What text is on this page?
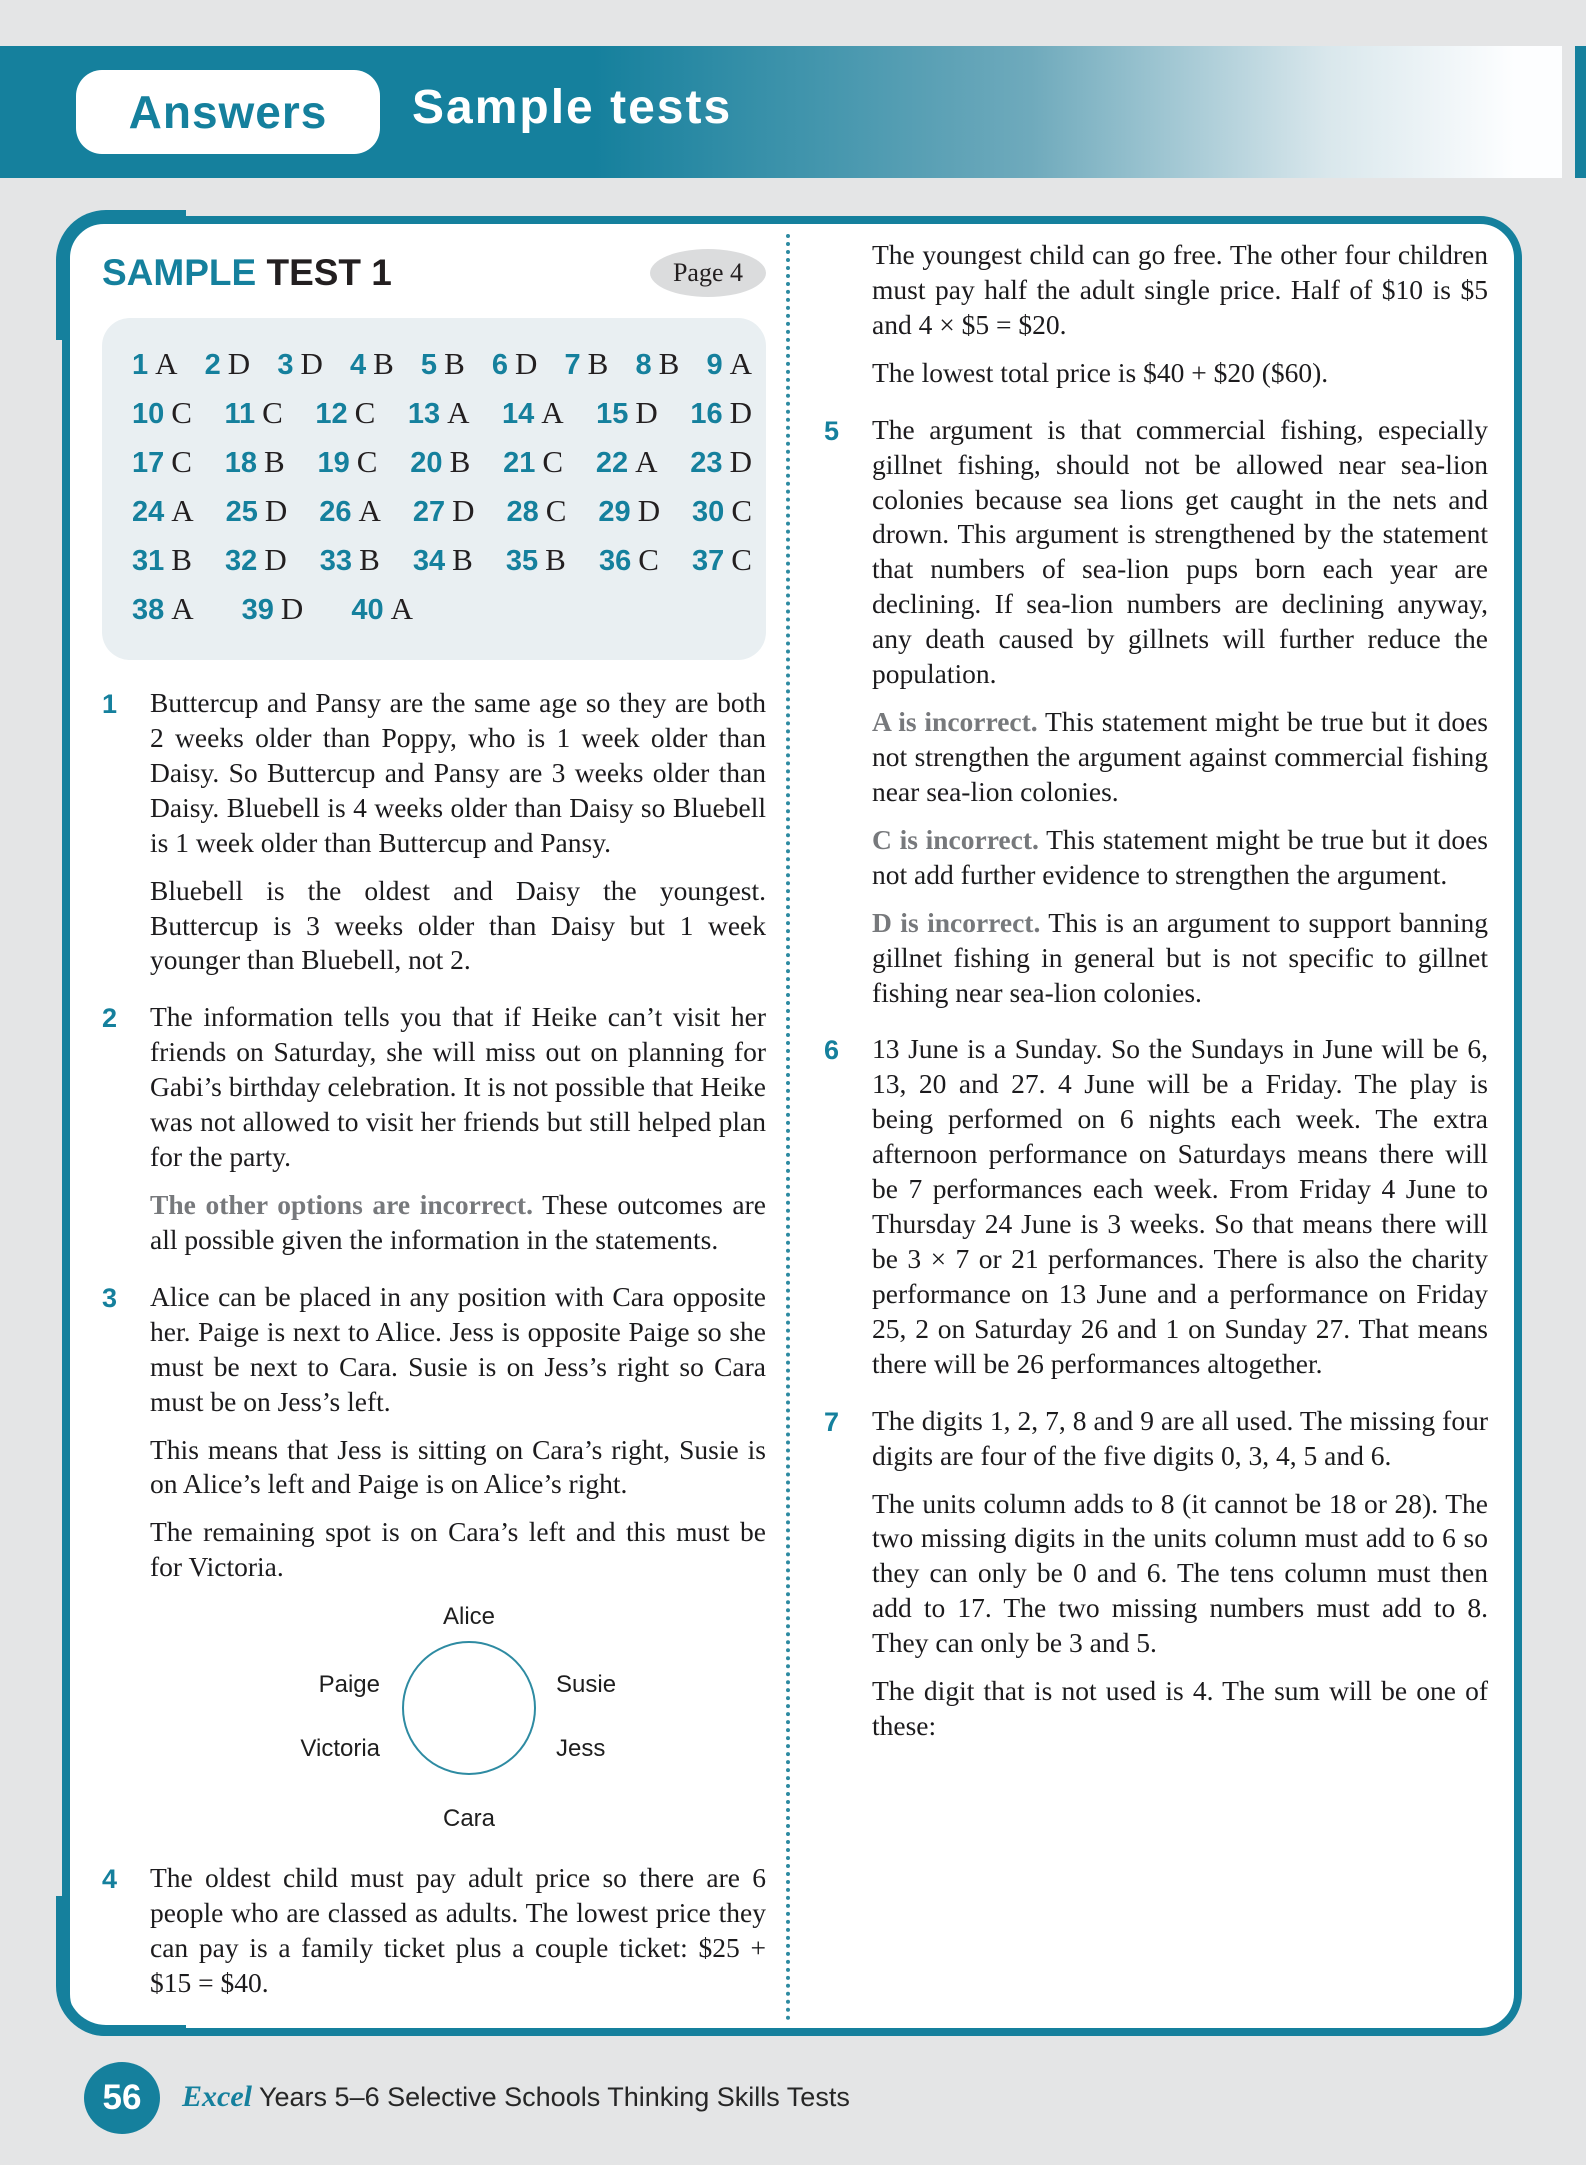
Answers Sample tests
SAMPLE TEST 1	Page 4
1 A 2 D 3 D 4 B 5 B 6 D 7 B 8 B 9 A
10 C 11 C 12 C 13 A 14 A 15 D 16 D
17 C 18 B 19 C 20 B 21 C 22 A 23 D
24 A 25 D 26 A 27 D 28 C 29 D 30 C
31 B 32 D 33 B 34 B 35 B 36 C 37 C
38 A 39 D 40 A
1	Buttercup and Pansy are the same age so they are both 2 weeks older than Poppy, who is 1 week older than Daisy. So Buttercup and Pansy are 3 weeks older than Daisy. Bluebell is 4 weeks older than Daisy so Bluebell is 1 week older than Buttercup and Pansy.

Bluebell is the oldest and Daisy the youngest. Buttercup is 3 weeks older than Daisy but 1 week younger than Bluebell, not 2.

2	The information tells you that if Heike can’t visit her friends on Saturday, she will miss out on planning for Gabi’s birthday celebration. It is not possible that Heike was not allowed to visit her friends but still helped plan for the party.

The other options are incorrect. These outcomes are all possible given the information in the statements.

3	Alice can be placed in any position with Cara opposite her. Paige is next to Alice. Jess is opposite Paige so she must be next to Cara. Susie is on Jess’s right so Cara must be on Jess’s left.

This means that Jess is sitting on Cara’s right, Susie is on Alice’s left and Paige is on Alice’s right.

The remaining spot is on Cara’s left and this must be for Victoria.

Alice
Paige	Susie
Victoria	Jess
Cara
4	The oldest child must pay adult price so there are 6 people who are classed as adults. The lowest price they can pay is a family ticket plus a couple ticket: $25 + $15 = $40.

The youngest child can go free. The other four children must pay half the adult single price. Half of $10 is $5 and 4 × $5 = $20.

The lowest total price is $40 + $20 ($60).

5	The argument is that commercial fishing, especially gillnet fishing, should not be allowed near sea-lion colonies because sea lions get caught in the nets and drown. This argument is strengthened by the statement that numbers of sea-lion pups born each year are declining. If sea-lion numbers are declining anyway, any death caused by gillnets will further reduce the population.

A is incorrect. This statement might be true but it does not strengthen the argument against commercial fishing near sea-lion colonies.

C is incorrect. This statement might be true but it does not add further evidence to strengthen the argument.

D is incorrect. This is an argument to support banning gillnet fishing in general but is not specific to gillnet fishing near sea-lion colonies.

6	13 June is a Sunday. So the Sundays in June will be 6, 13, 20 and 27. 4 June will be a Friday. The play is being performed on 6 nights each week. The extra afternoon performance on Saturdays means there will be 7 performances each week. From Friday 4 June to Thursday 24 June is 3 weeks. So that means there will be 3 × 7 or 21 performances. There is also the charity performance on 13 June and a performance on Friday 25, 2 on Saturday 26 and 1 on Sunday 27. That means there will be 26 performances altogether.

7	The digits 1, 2, 7, 8 and 9 are all used. The missing four digits are four of the five digits 0, 3, 4, 5 and 6.

The units column adds to 8 (it cannot be 18 or 28). The two missing digits in the units column must add to 6 so they can only be 0 and 6. The tens column must then add to 17. The two missing numbers must add to 8. They can only be 3 and 5.

The digit that is not used is 4. The sum will be one of these:

56 Excel Years 5–6 Selective Schools Thinking Skills Tests
